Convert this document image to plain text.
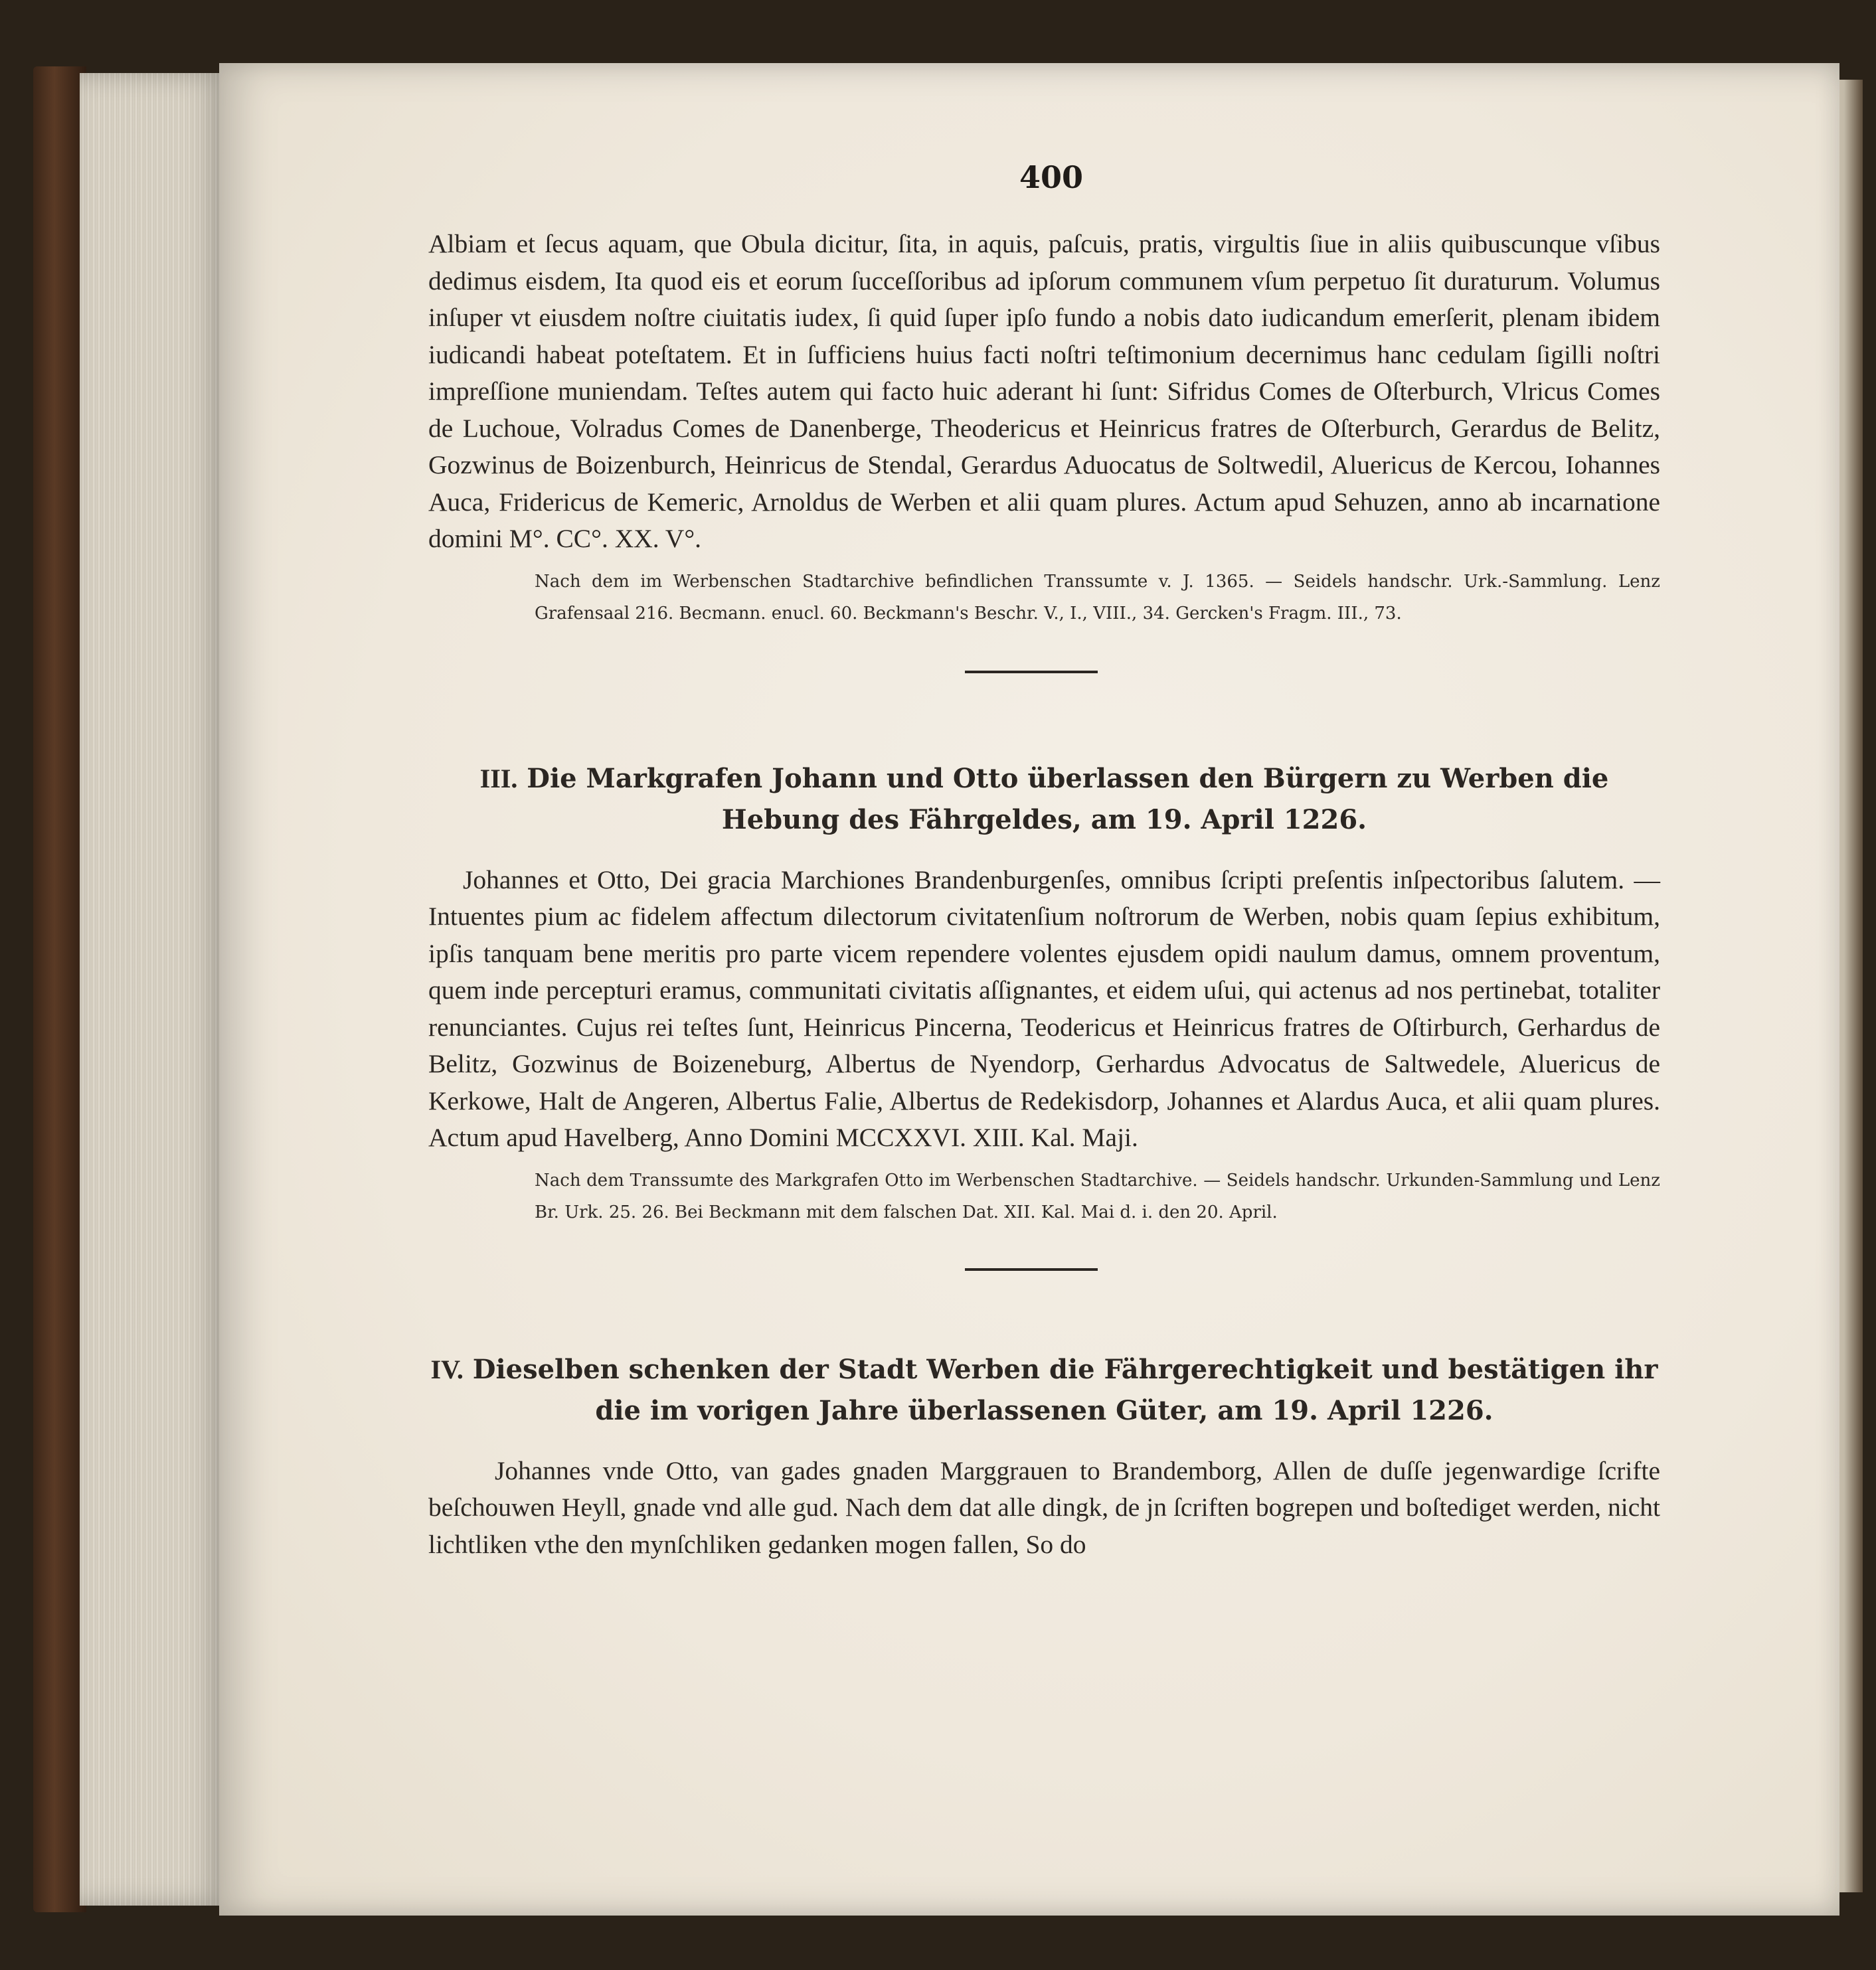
400

Albiam et ſecus aquam, que Obula dicitur, ſita, in aquis, paſcuis, pratis, virgultis ſiue in aliis quibuscunque vſibus dedimus eisdem, Ita quod eis et eorum ſucceſſoribus ad ipſorum communem vſum perpetuo ſit duraturum. Volumus inſuper vt eiusdem noſtre ciuitatis iudex, ſi quid ſuper ipſo fundo a nobis dato iudicandum emerſerit, plenam ibidem iudicandi habeat poteſtatem. Et in ſufficiens huius facti noſtri teſtimonium decernimus hanc cedulam ſigilli noſtri impreſſione muniendam. Teſtes autem qui facto huic aderant hi ſunt: Sifridus Comes de Oſterburch, Vlricus Comes de Luchoue, Volradus Comes de Danenberge, Theodericus et Heinricus fratres de Oſterburch, Gerardus de Belitz, Gozwinus de Boizenburch, Heinricus de Stendal, Gerardus Aduocatus de Soltwedil, Aluericus de Kercou, Iohannes Auca, Fridericus de Kemeric, Arnoldus de Werben et alii quam plures. Actum apud Sehuzen, anno ab incarnatione domini M°. CC°. XX. V°.

Nach dem im Werbenschen Stadtarchive befindlichen Transsumte v. J. 1365. — Seidels handschr. Urk.-Sammlung. Lenz Grafensaal 216. Becmann. enucl. 60. Beckmann's Beschr. V., I., VIII., 34. Gercken's Fragm. III., 73.

III. Die Markgrafen Johann und Otto überlassen den Bürgern zu Werben die Hebung des Fährgeldes, am 19. April 1226.

Johannes et Otto, Dei gracia Marchiones Brandenburgenſes, omnibus ſcripti preſentis inſpectoribus ſalutem. — Intuentes pium ac fidelem affectum dilectorum civitatenſium noſtrorum de Werben, nobis quam ſepius exhibitum, ipſis tanquam bene meritis pro parte vicem rependere volentes ejusdem opidi naulum damus, omnem proventum, quem inde percepturi eramus, communitati civitatis aſſignantes, et eidem uſui, qui actenus ad nos pertinebat, totaliter renunciantes. Cujus rei teſtes ſunt, Heinricus Pincerna, Teodericus et Heinricus fratres de Oſtirburch, Gerhardus de Belitz, Gozwinus de Boizeneburg, Albertus de Nyendorp, Gerhardus Advocatus de Saltwedele, Aluericus de Kerkowe, Halt de Angeren, Albertus Falie, Albertus de Redekisdorp, Johannes et Alardus Auca, et alii quam plures. Actum apud Havelberg, Anno Domini MCCXXVI. XIII. Kal. Maji.

Nach dem Transsumte des Markgrafen Otto im Werbenschen Stadtarchive. — Seidels handschr. Urkunden-Sammlung und Lenz Br. Urk. 25. 26. Bei Beckmann mit dem falschen Dat. XII. Kal. Mai d. i. den 20. April.

IV. Dieselben schenken der Stadt Werben die Fährgerechtigkeit und bestätigen ihr die im vorigen Jahre überlassenen Güter, am 19. April 1226.

Johannes vnde Otto, van gades gnaden Marggrauen to Brandemborg, Allen de duſſe jegenwardige ſcrifte beſchouwen Heyll, gnade vnd alle gud. Nach dem dat alle dingk, de jn ſcriften bogrepen und boſtediget werden, nicht lichtliken vthe den mynſchliken gedanken mogen fallen, So do
